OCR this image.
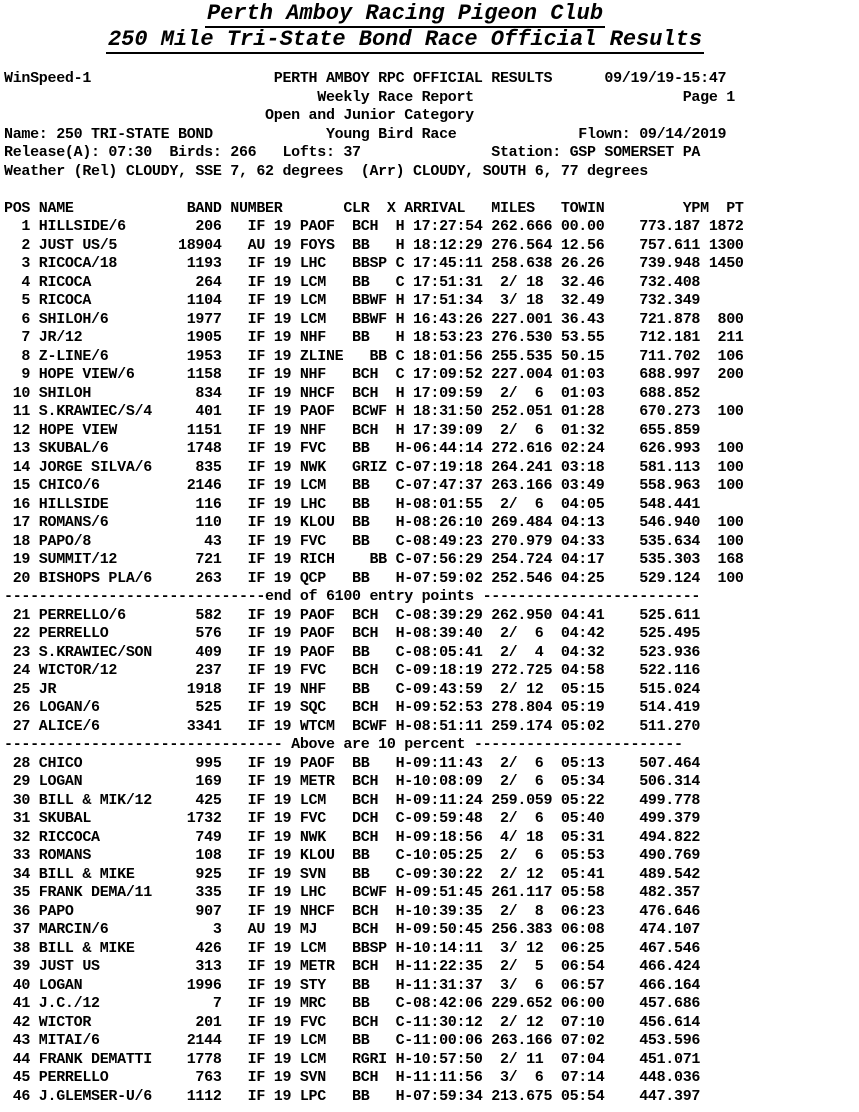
Perth Amboy Racing Pigeon Club
250 Mile Tri-State Bond Race Official Results
WinSpeed-1                     PERTH AMBOY RPC OFFICIAL RESULTS      09/19/19-15:47
Weekly Race Report                        Page 1
Open and Junior Category
Name: 250 TRI-STATE BOND             Young Bird Race              Flown: 09/14/2019
Release(A): 07:30  Birds: 266   Lofts: 37               Station: GSP SOMERSET PA
Weather (Rel) CLOUDY, SSE 7, 62 degrees  (Arr) CLOUDY, SOUTH 6, 77 degrees
POS NAME             BAND NUMBER       CLR  X ARRIVAL   MILES   TOWIN         YPM  PT
1 HILLSIDE/6        206   IF 19 PAOF  BCH  H 17:27:54 262.666 00.00    773.187 1872
2 JUST US/5       18904   AU 19 FOYS  BB   H 18:12:29 276.564 12.56    757.611 1300
3 RICOCA/18        1193   IF 19 LHC   BBSP C 17:45:11 258.638 26.26    739.948 1450
4 RICOCA            264   IF 19 LCM   BB   C 17:51:31  2/ 18  32.46    732.408
5 RICOCA           1104   IF 19 LCM   BBWF H 17:51:34  3/ 18  32.49    732.349
6 SHILOH/6         1977   IF 19 LCM   BBWF H 16:43:26 227.001 36.43    721.878  800
7 JR/12            1905   IF 19 NHF   BB   H 18:53:23 276.530 53.55    712.181  211
8 Z-LINE/6         1953   IF 19 ZLINE   BB C 18:01:56 255.535 50.15    711.702  106
9 HOPE VIEW/6      1158   IF 19 NHF   BCH  C 17:09:52 227.004 01:03    688.997  200
10 SHILOH            834   IF 19 NHCF  BCH  H 17:09:59  2/  6  01:03    688.852
11 S.KRAWIEC/S/4     401   IF 19 PAOF  BCWF H 18:31:50 252.051 01:28    670.273  100
12 HOPE VIEW        1151   IF 19 NHF   BCH  H 17:39:09  2/  6  01:32    655.859
13 SKUBAL/6         1748   IF 19 FVC   BB   H-06:44:14 272.616 02:24    626.993  100
14 JORGE SILVA/6     835   IF 19 NWK   GRIZ C-07:19:18 264.241 03:18    581.113  100
15 CHICO/6          2146   IF 19 LCM   BB   C-07:47:37 263.166 03:49    558.963  100
16 HILLSIDE          116   IF 19 LHC   BB   H-08:01:55  2/  6  04:05    548.441
17 ROMANS/6          110   IF 19 KLOU  BB   H-08:26:10 269.484 04:13    546.940  100
18 PAPO/8             43   IF 19 FVC   BB   C-08:49:23 270.979 04:33    535.634  100
19 SUMMIT/12         721   IF 19 RICH    BB C-07:56:29 254.724 04:17    535.303  168
20 BISHOPS PLA/6     263   IF 19 QCP   BB   H-07:59:02 252.546 04:25    529.124  100
------------------------------end of 6100 entry points -------------------------
21 PERRELLO/6        582   IF 19 PAOF  BCH  C-08:39:29 262.950 04:41    525.611
22 PERRELLO          576   IF 19 PAOF  BCH  H-08:39:40  2/  6  04:42    525.495
23 S.KRAWIEC/SON     409   IF 19 PAOF  BB   C-08:05:41  2/  4  04:32    523.936
24 WICTOR/12         237   IF 19 FVC   BCH  C-09:18:19 272.725 04:58    522.116
25 JR               1918   IF 19 NHF   BB   C-09:43:59  2/ 12  05:15    515.024
26 LOGAN/6           525   IF 19 SQC   BCH  H-09:52:53 278.804 05:19    514.419
27 ALICE/6          3341   IF 19 WTCM  BCWF H-08:51:11 259.174 05:02    511.270
-------------------------------- Above are 10 percent ------------------------
28 CHICO             995   IF 19 PAOF  BB   H-09:11:43  2/  6  05:13    507.464
29 LOGAN             169   IF 19 METR  BCH  H-10:08:09  2/  6  05:34    506.314
30 BILL & MIK/12     425   IF 19 LCM   BCH  H-09:11:24 259.059 05:22    499.778
31 SKUBAL           1732   IF 19 FVC   DCH  C-09:59:48  2/  6  05:40    499.379
32 RICCOCA           749   IF 19 NWK   BCH  H-09:18:56  4/ 18  05:31    494.822
33 ROMANS            108   IF 19 KLOU  BB   C-10:05:25  2/  6  05:53    490.769
34 BILL & MIKE       925   IF 19 SVN   BB   C-09:30:22  2/ 12  05:41    489.542
35 FRANK DEMA/11     335   IF 19 LHC   BCWF H-09:51:45 261.117 05:58    482.357
36 PAPO              907   IF 19 NHCF  BCH  H-10:39:35  2/  8  06:23    476.646
37 MARCIN/6            3   AU 19 MJ    BCH  H-09:50:45 256.383 06:08    474.107
38 BILL & MIKE       426   IF 19 LCM   BBSP H-10:14:11  3/ 12  06:25    467.546
39 JUST US           313   IF 19 METR  BCH  H-11:22:35  2/  5  06:54    466.424
40 LOGAN            1996   IF 19 STY   BB   H-11:31:37  3/  6  06:57    466.164
41 J.C./12             7   IF 19 MRC   BB   C-08:42:06 229.652 06:00    457.686
42 WICTOR            201   IF 19 FVC   BCH  C-11:30:12  2/ 12  07:10    456.614
43 MITAI/6          2144   IF 19 LCM   BB   C-11:00:06 263.166 07:02    453.596
44 FRANK DEMATTI    1778   IF 19 LCM   RGRI H-10:57:50  2/ 11  07:04    451.071
45 PERRELLO          763   IF 19 SVN   BCH  H-11:11:56  3/  6  07:14    448.036
46 J.GLEMSER-U/6    1112   IF 19 LPC   BB   H-07:59:34 213.675 05:54    447.397
